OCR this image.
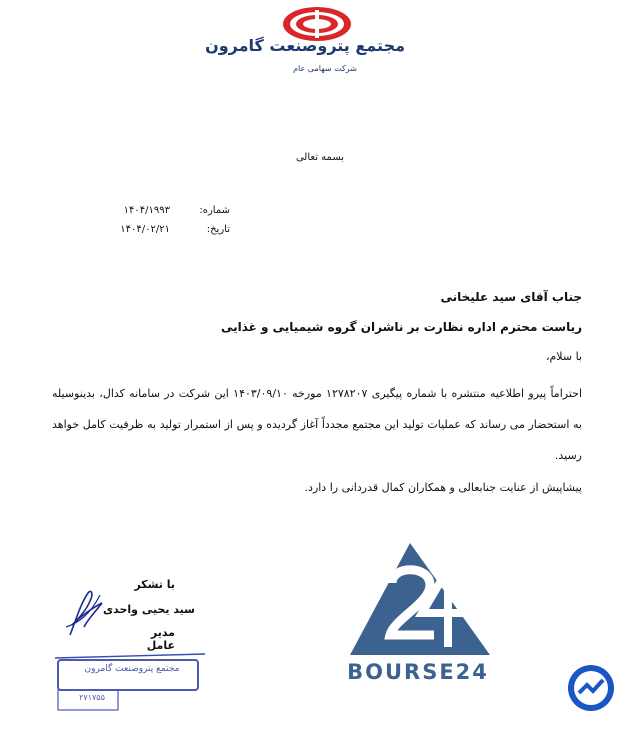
مجتمع پتروصنعت گامرون
شرکت سهامی عام
بسمه تعالی
شماره:
۱۴۰۴/۱۹۹۳
تاریخ:
۱۴۰۴/۰۲/۲۱
جناب آقای سید علیخانی
ریاست محترم اداره نظارت بر ناشران گروه شیمیایی و غذایی
با سلام،
احتراماً پیرو اطلاعیه منتشره با شماره پیگیری ۱۲۷۸۲۰۷ مورخه ۱۴۰۳/۰۹/۱۰ این شرکت در سامانه کدال، بدینوسیله به استحضار می رساند که عملیات تولید این مجتمع مجدداً آغاز گردیده و پس از استمرار تولید به ظرفیت کامل خواهد رسید.
پیشاپیش از عنایت جنابعالی و همکاران کمال قدردانی را دارد.
با تشکر
سید یحیی واحدی
مدیر عامل
مجتمع پتروصنعت گامرون
۲۷۱۷۵۵
BOURSE24
